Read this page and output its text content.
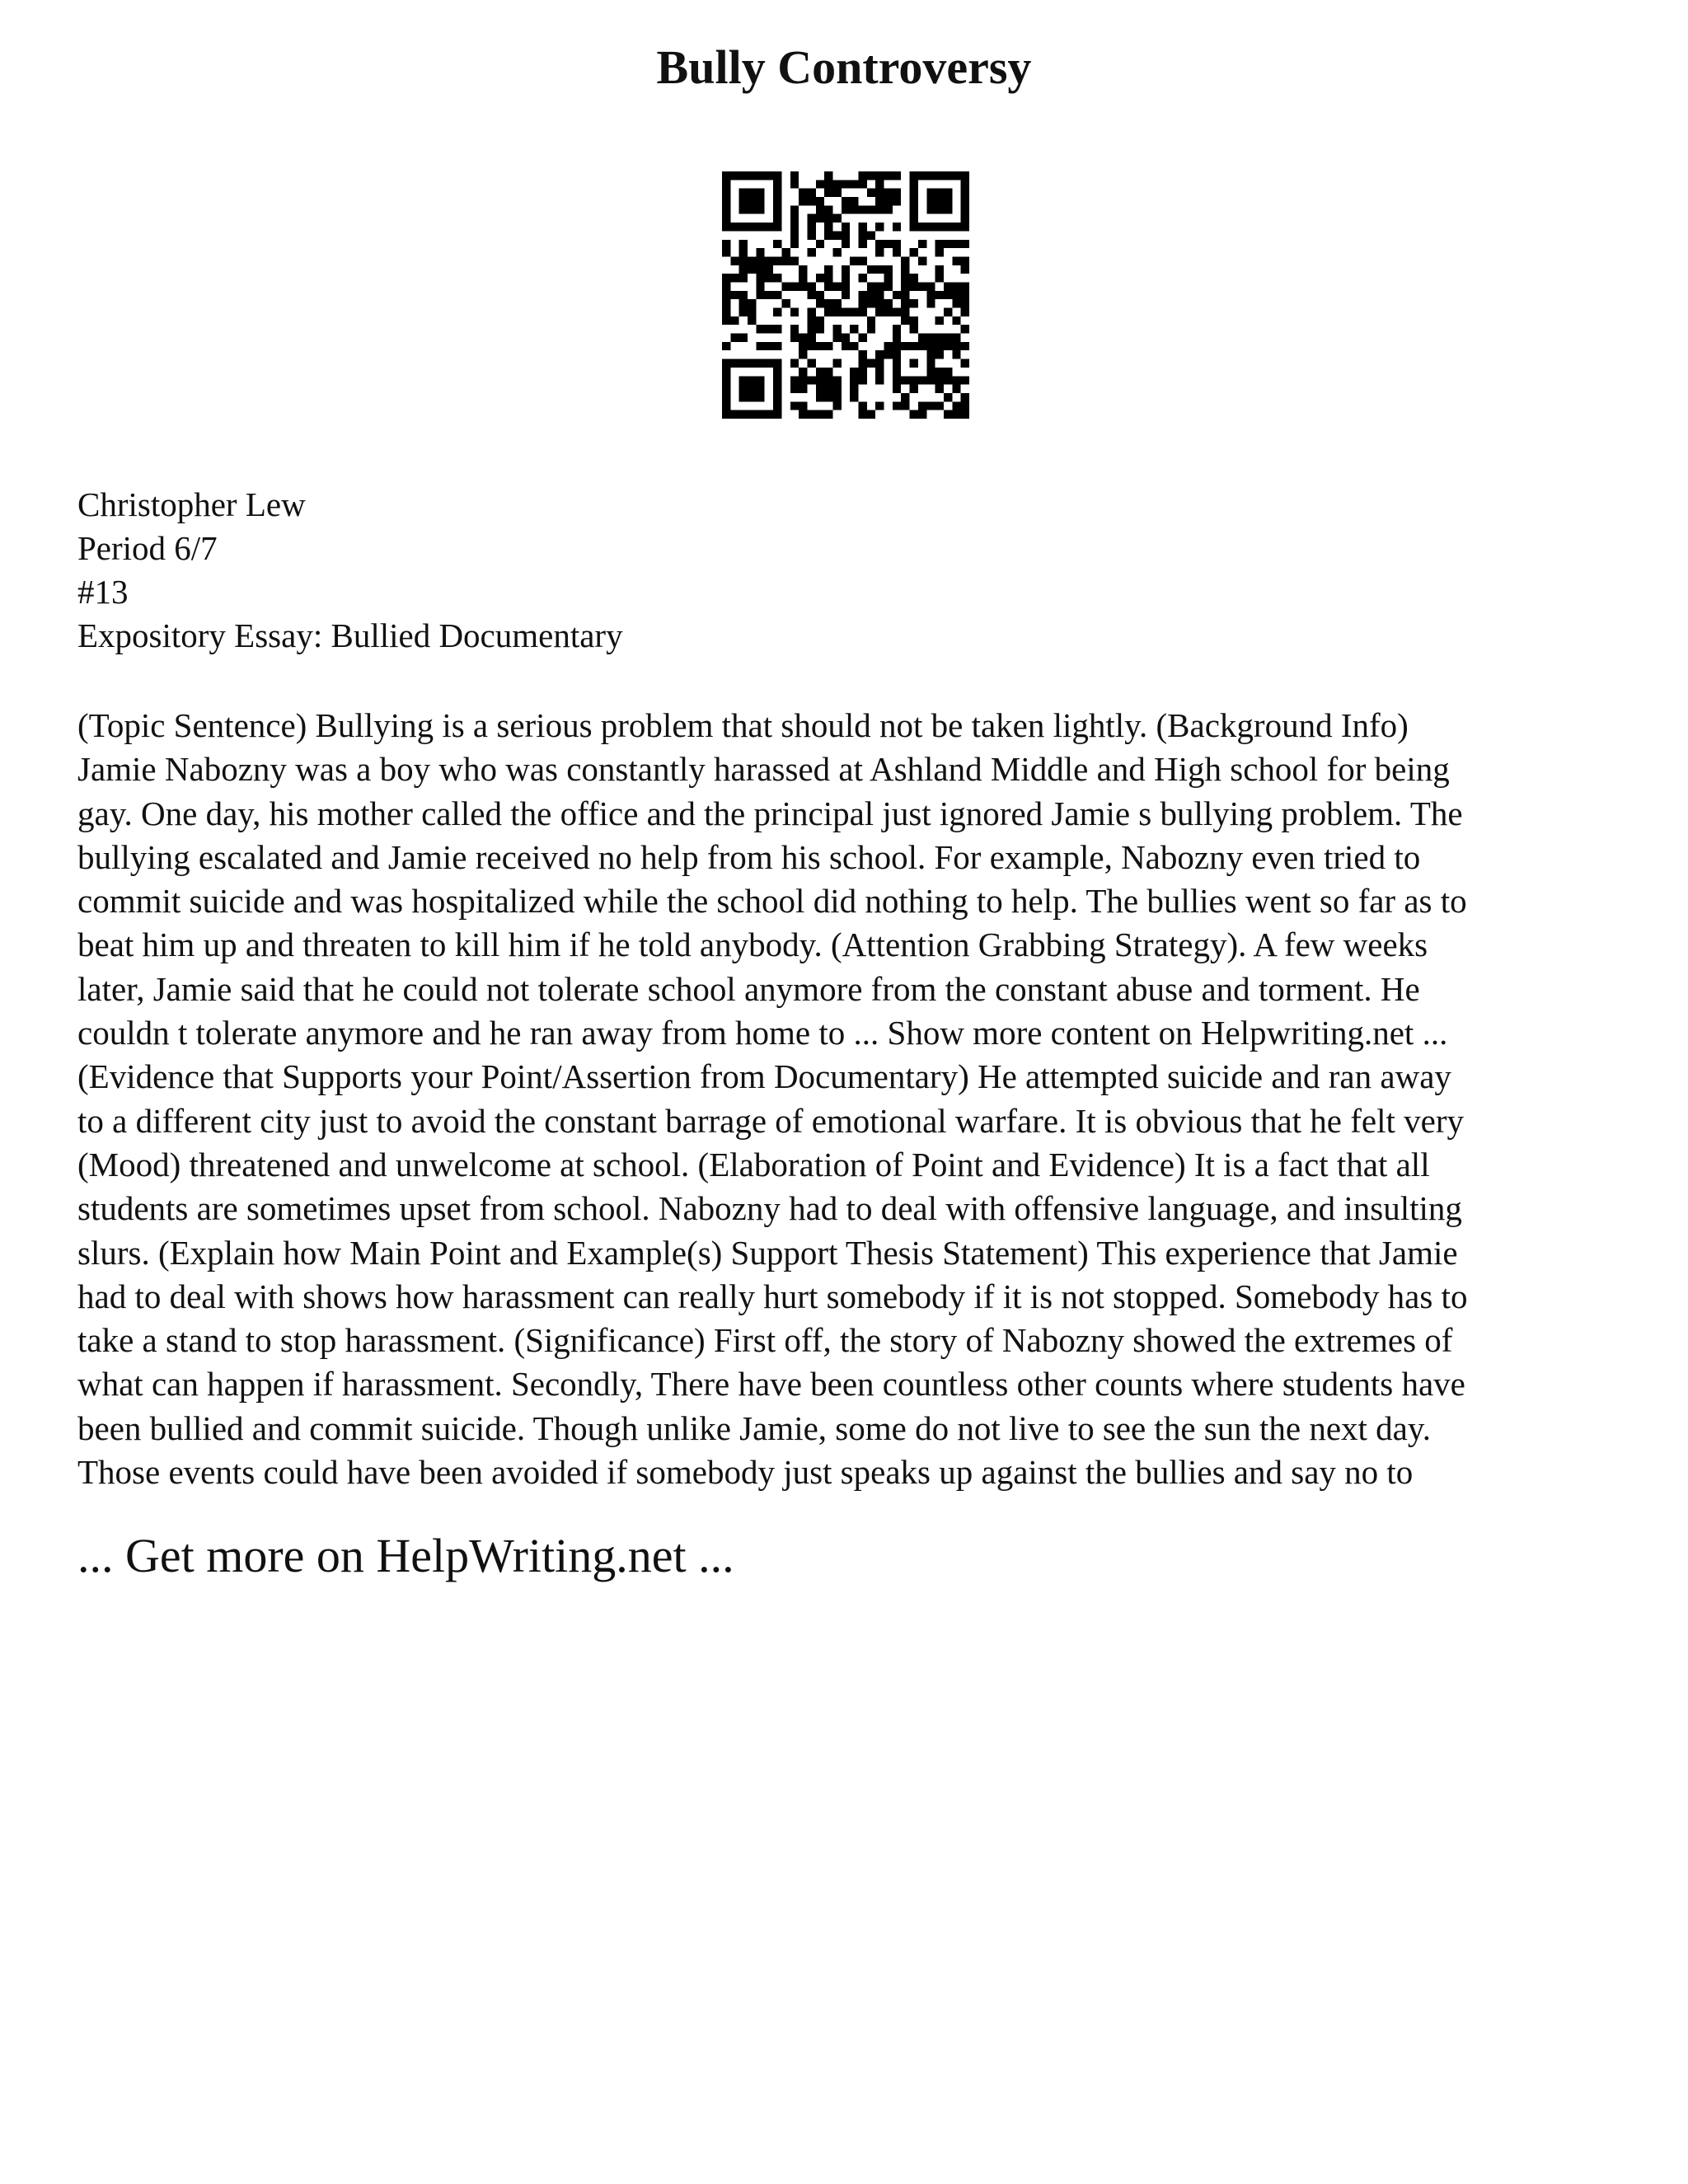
Bully Controversy
Christopher Lew
Period 6/7
#13
Expository Essay: Bullied Documentary
(Topic Sentence) Bullying is a serious problem that should not be taken lightly. (Background Info)
Jamie Nabozny was a boy who was constantly harassed at Ashland Middle and High school for being
gay. One day, his mother called the office and the principal just ignored Jamie s bullying problem. The
bullying escalated and Jamie received no help from his school. For example, Nabozny even tried to
commit suicide and was hospitalized while the school did nothing to help. The bullies went so far as to
beat him up and threaten to kill him if he told anybody. (Attention Grabbing Strategy). A few weeks
later, Jamie said that he could not tolerate school anymore from the constant abuse and torment. He
couldn t tolerate anymore and he ran away from home to ... Show more content on Helpwriting.net ...
(Evidence that Supports your Point/Assertion from Documentary) He attempted suicide and ran away
to a different city just to avoid the constant barrage of emotional warfare. It is obvious that he felt very
(Mood) threatened and unwelcome at school. (Elaboration of Point and Evidence) It is a fact that all
students are sometimes upset from school. Nabozny had to deal with offensive language, and insulting
slurs. (Explain how Main Point and Example(s) Support Thesis Statement) This experience that Jamie
had to deal with shows how harassment can really hurt somebody if it is not stopped. Somebody has to
take a stand to stop harassment. (Significance) First off, the story of Nabozny showed the extremes of
what can happen if harassment. Secondly, There have been countless other counts where students have
been bullied and commit suicide. Though unlike Jamie, some do not live to see the sun the next day.
Those events could have been avoided if somebody just speaks up against the bullies and say no to
... Get more on HelpWriting.net ...
